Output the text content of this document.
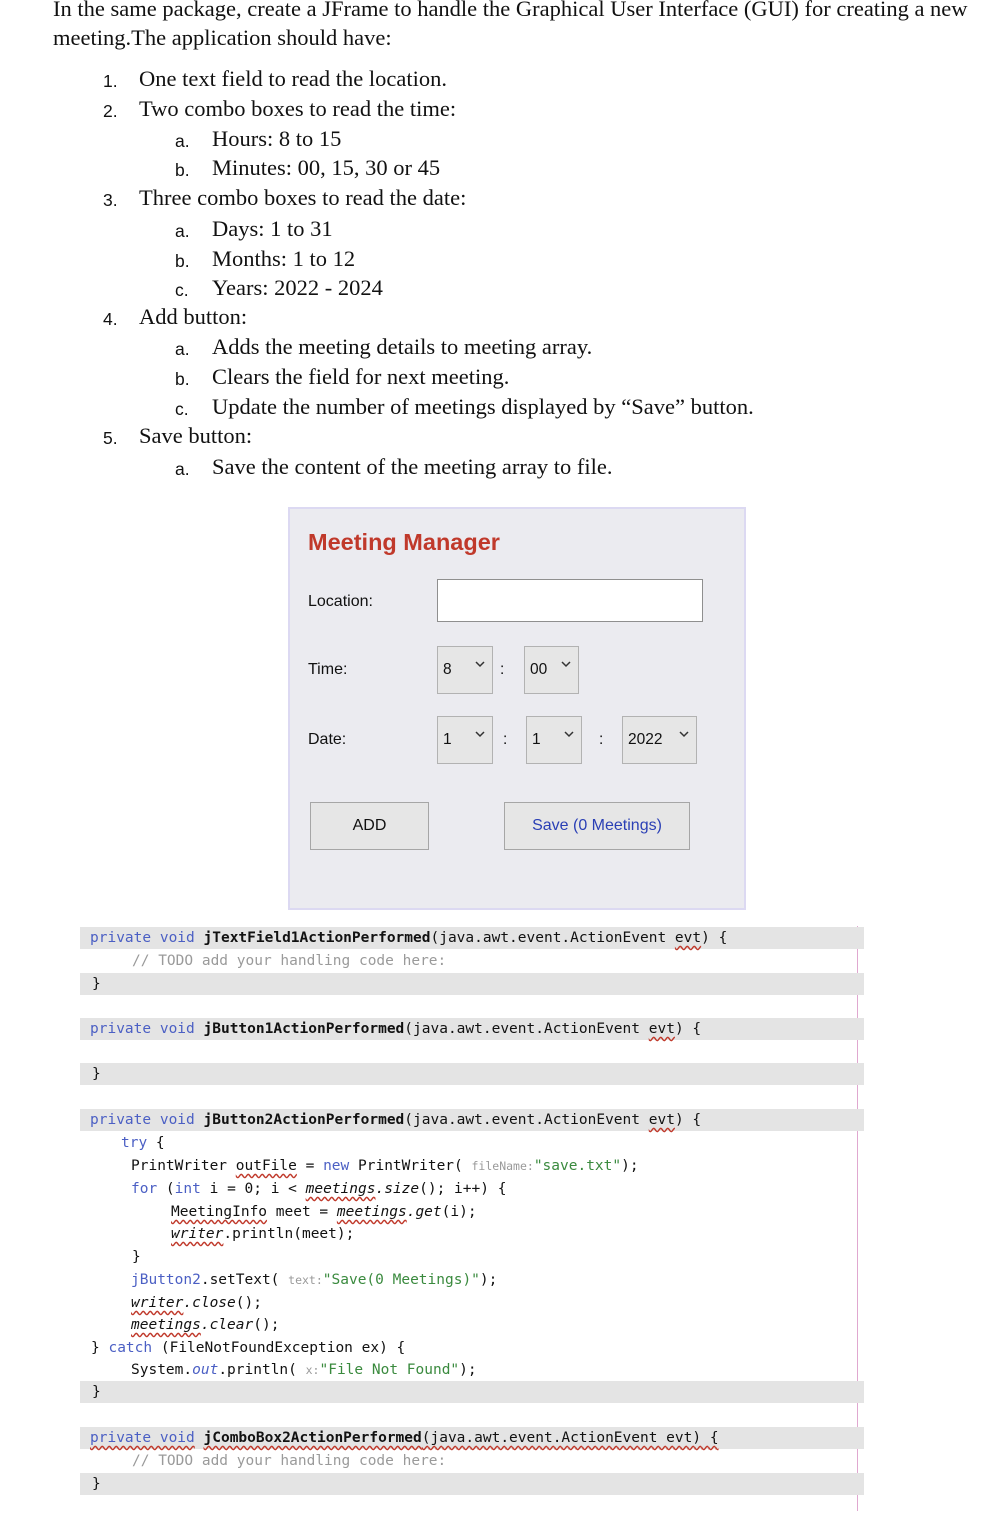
In the same package, create a JFrame to handle the Graphical User Interface (GUI) for creating a new meeting.The application should have:

1. One text field to read the location.
2. Two combo boxes to read the time:
a. Hours: 8 to 15
b. Minutes: 00, 15, 30 or 45
3. Three combo boxes to read the date:
a. Days: 1 to 31
b. Months: 1 to 12
c. Years: 2022 - 2024
4. Add button:
a. Adds the meeting details to meeting array.
b. Clears the field for next meeting.
c. Update the number of meetings displayed by “Save” button.
5. Save button:
a. Save the content of the meeting array to file.
Meeting Manager
Location:
Time:	8	: 00
Date:	1	: 1	: 2022
ADD	Save (0 Meetings)

private void jTextField1ActionPerformed(java.awt.event.ActionEvent evt) {

// TODO add your handling code here:

}

private void jButton1ActionPerformed(java.awt.event.ActionEvent evt) {

}

private void jButton2ActionPerformed(java.awt.event.ActionEvent evt) {

try {

PrintWriter outFile = new PrintWriter( fileName:"save.txt");

for (int i = 0; i < meetings.size(); i++) {

MeetingInfo meet = meetings.get(i);

writer.println(meet);

}

jButton2.setText( text:"Save(0 Meetings)");

writer.close();

meetings.clear();

} catch (FileNotFoundException ex) {

System.out.println( x:"File Not Found");

}

private void jComboBox2ActionPerformed(java.awt.event.ActionEvent evt) {

// TODO add your handling code here:

}
